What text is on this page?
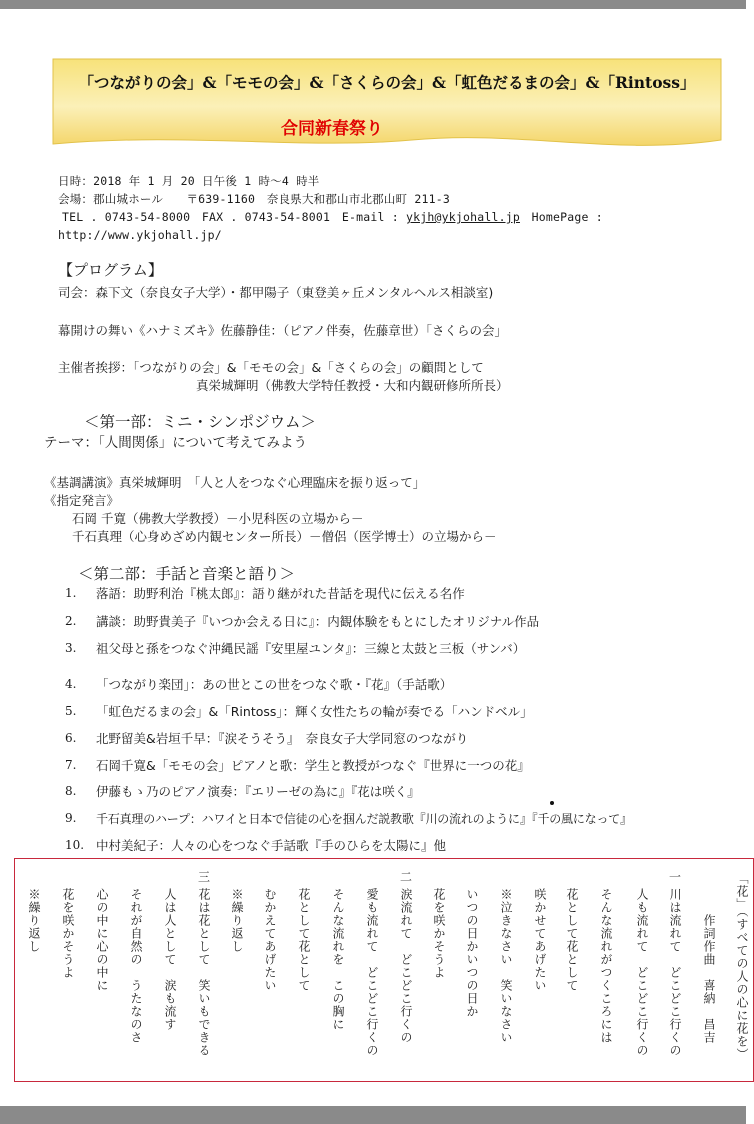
「つながりの会」&「モモの会」&「さくらの会」&「虹色だるまの会」&「Rintoss」
合同新春祭り
日時：2018 年 1 月 20 日午後 1 時～4 時半
会場：郡山城ホール　　〒639-1160　奈良県大和郡山市北郡山町 211-3
TEL . 0743-54-8000　FAX . 0743-54-8001　E-mail : ykjh@ykjohall.jp　HomePage :
http://www.ykjohall.jp/
【プログラム】
司会：森下文（奈良女子大学）・都甲陽子（東登美ヶ丘メンタルヘルス相談室)
幕開けの舞い《ハナミズキ》佐藤静佳：（ピアノ伴奏，佐藤章世）「さくらの会」
主催者挨拶：「つながりの会」&「モモの会」&「さくらの会」の顧問として
真栄城輝明（佛教大学特任教授・大和内観研修所所長）
＜第一部：ミニ・シンポジウム＞
テーマ：「人間関係」について考えてみよう
《基調講演》真栄城輝明　「人と人をつなぐ心理臨床を振り返って」
《指定発言》
石岡 千寛（佛教大学教授）－小児科医の立場から－
千石真理（心身めざめ内観センター所長）－僧侶（医学博士）の立場から－
＜第二部：手話と音楽と語り＞
1. 落語：助野利治『桃太郎』：語り継がれた昔話を現代に伝える名作
2. 講談：助野貴美子『いつか会える日に』：内観体験をもとにしたオリジナル作品
3. 祖父母と孫をつなぐ沖縄民謡『安里屋ユンタ』：三線と太鼓と三板（サンバ）
4. 「つながり楽団」：あの世とこの世をつなぐ歌・『花』（手話歌）
5. 「虹色だるまの会」&「Rintoss」：輝く女性たちの輪が奏でる「ハンドベル」
6. 北野留美&岩垣千早：『涙そうそう』　奈良女子大学同窓のつながり
7. 石岡千寛&「モモの会」ピアノと歌：学生と教授がつなぐ『世界に一つの花』
8. 伊藤もゝ乃のピアノ演奏：『エリーゼの為に』『花は咲く』
9. 千石真理のハープ：ハワイと日本で信徒の心を掴んだ説教歌『川の流れのように』『千の風になって』
10. 中村美紀子：人々の心をつなぐ手話歌『手のひらを太陽に』他
「花」（すべての人の心に花を）
作詞作曲　喜納　昌吉
一
川は流れて　どこどこ行くの
人も流れて　どこどこ行くの
そんな流れがつくころには
花として花として
咲かせてあげたい
※泣きなさい　笑いなさい
いつの日かいつの日か
花を咲かそうよ
二
涙流れて　どこどこ行くの
愛も流れて　どこどこ行くの
そんな流れを　この胸に
花として花として
むかえてあげたい
※繰り返し
三
花は花として　笑いもできる
人は人として　涙も流す
それが自然の　うたなのさ
心の中に心の中に
花を咲かそうよ
※繰り返し
